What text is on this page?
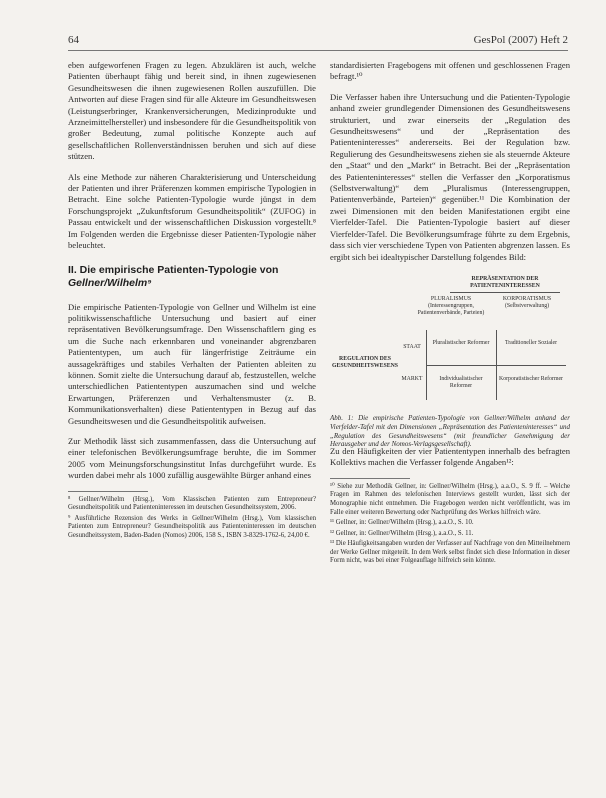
64	GesPol (2007) Heft 2

eben aufgeworfenen Fragen zu legen. Abzuklären ist auch, welche Patienten überhaupt fähig und bereit sind, in ihnen zugewiesenen Gesundheitswesen die ihnen zugewiesenen Rollen auszufüllen. Die Antworten auf diese Fragen sind für alle Akteure im Gesundheitswesen (Leistungserbringer, Krankenversicherungen, Medizinprodukte und Arzneimittelhersteller) und insbesondere für die Gesundheitspolitik von großer Bedeutung, zumal politische Konzepte auch auf gesellschaftlichen Rollenverständnissen beruhen und sich auf diese stützen.

Als eine Methode zur näheren Charakterisierung und Unterscheidung der Patienten und ihrer Präferenzen kommen empirische Typologien in Betracht. Eine solche Patienten-Typologie wurde jüngst in dem Forschungsprojekt „Zukunftsforum Gesundheitspolitik“ (ZUFOG) in Passau entwickelt und der wissenschaftlichen Diskussion vorgestellt.⁸ Im Folgenden werden die Ergebnisse dieser Patienten-Typologie näher beleuchtet.

II. Die empirische Patienten-Typologie von
Gellner/Wilhelm⁹

Die empirische Patienten-Typologie von Gellner und Wilhelm ist eine politikwissenschaftliche Untersuchung und basiert auf einer repräsentativen Bevölkerungsumfrage. Den Wissenschaftlern ging es um die Suche nach erkennbaren und voneinander abgrenzbaren Patiententypen, um auch für längerfristige Zeiträume ein aussagekräftiges und stabiles Verhalten der Patienten ableiten zu können. Somit zielte die Untersuchung darauf ab, festzustellen, welche unterschiedlichen Patiententypen auszumachen sind und welche Erwartungen, Präferenzen und Verhaltensmuster (z. B. Kommunikationsverhalten) diese Patiententypen in Bezug auf das Gesundheitswesen und die Gesundheitspolitik aufweisen.

Zur Methodik lässt sich zusammenfassen, dass die Untersuchung auf einer telefonischen Bevölkerungsumfrage beruhte, die im Sommer 2005 vom Meinungsforschungsinstitut Infas durchgeführt wurde. Es wurden dabei mehr als 1000 zufällig ausgewählte Bürger anhand eines

⁸ Gellner/Wilhelm (Hrsg.), Vom Klassischen Patienten zum Entrepreneur? Gesundheitspolitik und Patienteninteressen im deutschen Gesundheitssystem, 2006.
⁹ Ausführliche Rezension des Werks in Gellner/Wilhelm (Hrsg.), Vom klassischen Patienten zum Entrepreneur? Gesundheitspolitik aus Patienteninteressen im deutschen Gesundheitssystem, Baden-Baden (Nomos) 2006, 158 S., ISBN 3-8329-1762-6, 24,00 €.

standardisierten Fragebogens mit offenen und geschlossenen Fragen befragt.¹⁰

Die Verfasser haben ihre Untersuchung und die Patienten-Typologie anhand zweier grundlegender Dimensionen des Gesundheitswesens strukturiert, und zwar einerseits der „Regulation des Gesundheitswesens“ und der „Repräsentation des Patienteninteresses“ andererseits. Bei der Regulation bzw. Regulierung des Gesundheitswesens ziehen sie als steuernde Akteure den „Staat“ und den „Markt“ in Betracht. Bei der „Repräsentation des Patienteninteresses“ stellen die Verfasser den „Korporatismus (Selbstverwaltung)“ dem „Pluralismus (Interessengruppen, Patientenverbände, Parteien)“ gegenüber.¹¹ Die Kombination der zwei Dimensionen mit den beiden Manifestationen ergibt eine Vierfelder-Tafel. Die Patienten-Typologie basiert auf dieser Vierfelder-Tafel. Die Bevölkerungsumfrage führte zu dem Ergebnis, dass sich vier verschiedene Typen von Patienten abgrenzen lassen. Es ergibt sich bei idealtypischer Darstellung folgendes Bild:

REPRÄSENTATION DER PATIENTENINTERESSEN
PLURALISMUS (Interessengruppen, Patientenverbände, Parteien)
KORPORATISMUS (Selbstverwaltung)
REGULATION DES GESUNDHEITSWESENS
STAAT
MARKT
Pluralistischer Reformer	Traditioneller Sozialer
Individualistischer Reformer
Korporatistischer Reformer
Abb. 1: Die empirische Patienten-Typologie von Gellner/Wilhelm anhand der Vierfelder-Tafel mit den Dimensionen „Repräsentation des Patienteninteresses“ und „Regulation des Gesundheitswesens“ (mit freundlicher Genehmigung der Herausgeber und der Nomos-Verlagsgesellschaft).

Zu den Häufigkeiten der vier Patiententypen innerhalb des befragten Kollektivs machen die Verfasser folgende Angaben¹²:

¹⁰ Siehe zur Methodik Gellner, in: Gellner/Wilhelm (Hrsg.), a.a.O., S. 9 ff. – Welche Fragen im Rahmen des telefonischen Interviews gestellt wurden, lässt sich der Monographie nicht entnehmen. Die Fragebogen werden nicht veröffentlicht, was im Falle einer weiteren Bewertung oder Nachprüfung des Werkes hilfreich wäre.
¹¹ Gellner, in: Gellner/Wilhelm (Hrsg.), a.a.O., S. 10.
¹² Gellner, in: Gellner/Wilhelm (Hrsg.), a.a.O., S. 11.
¹³ Die Häufigkeitsangaben wurden der Verfasser auf Nachfrage von den Mitteilnehmern der Werke Gellner mitgeteilt. In dem Werk selbst findet sich diese Information in dieser Form nicht, was bei einer Folgeauflage hilfreich sein könnte.
